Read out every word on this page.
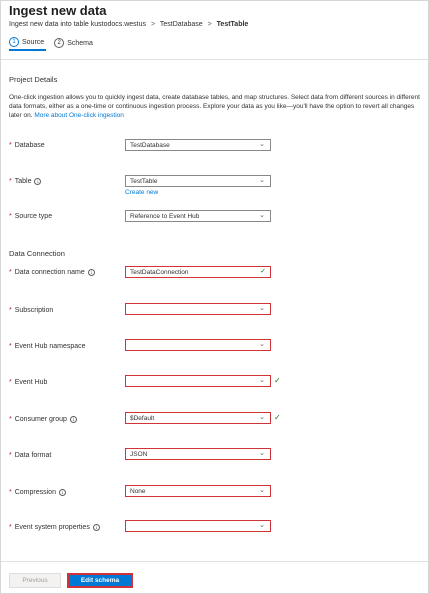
Ingest new data
Ingest new data into table kustodocs.westus > TestDatabase > TestTable
1 Source	2 Schema
Project Details
One-click ingestion allows you to quickly ingest data, create database tables, and map structures. Select data from different sources in different data formats, either as a one-time or continuous ingestion process. Explore your data as you like—you'll have the option to revert all changes later on. More about One-click ingestion
* Database	TestDatabase	⌄
* Table	i	TestTable	⌄
Create new
* Source type	Reference to Event Hub	⌄
Data Connection
* Data connection name	i	TestDataConnection	✓
* Subscription	⌄
* Event Hub namespace	⌄
* Event Hub	⌄ ✓
* Consumer group	i	$Default	⌄ ✓
* Data format	JSON	⌄
* Compression	i	None	⌄
* Event system properties	i	⌄
Previous	Edit schema
